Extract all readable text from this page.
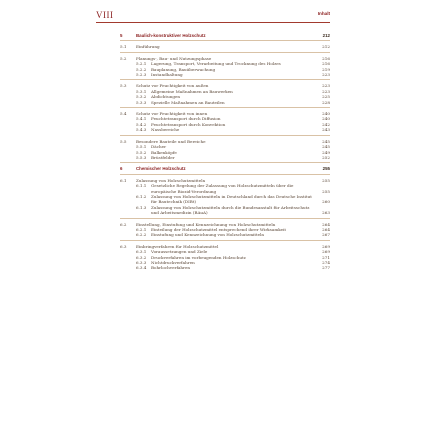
VIII	Inhalt
5	Baulich-konstruktiver Holzschutz	212
5.1 Einführung	212
5.2 Planungs-, Bau- und Nutzungsphase	216
5.2.1 Lagerung, Transport, Verarbeitung und Trocknung des Holzes	216
5.2.2 Bauplanung, Bauüberwachung	219
5.2.3 Instandhaltung	223
5.3 Schutz vor Feuchtigkeit von außen	223
5.3.1 Allgemeine Maßnahmen an Bauwerken	223
5.3.2 Abdichtungen	225
5.3.3 Spezielle Maßnahmen an Bauteilen	228
5.4 Schutz vor Feuchtigkeit von innen	240
5.4.1 Feuchtetransport durch Diffusion	240
5.4.2 Feuchtetransport durch Konvektion	242
5.4.3 Nassbereiche	243
5.5 Besondere Bauteile und Bereiche	245
5.5.1 Dächer	245
5.5.2 Balkenköpfe	249
5.5.3 Brüstfelder	252
6	Chemischer Holzschutz	255
6.1 Zulassung von Holzschutzmitteln	255
6.1.1 Gesetzliche Regelung der Zulassung von Holzschutzmitteln über die europäische Biozid-Verordnung	255
6.1.2 Zulassung von Holzschutzmitteln in Deutschland durch das Deutsche Institut für Bautechnik (DIBt)	260
6.1.3 Zulassung von Holzschutzmitteln durch die Bundesanstalt für Arbeitsschutz und Arbeitsmedizin (BAuA)	263
6.2 Einstellung, Einstufung und Kennzeichnung von Holzschutzmitteln	264
6.2.1 Einteilung der Holzschutzmittel entsprechend ihrer Wirksamkeit	264
6.2.2 Einstufung und Kennzeichnung von Holzschutzmitteln	267
6.3 Einbringverfahren für Holzschutzmittel	269
6.3.1 Voraussetzungen und Ziele	269
6.3.2 Druckverfahren im vorbeugenden Holzschutz	271
6.3.3 Nichtdruckverfahren	274
6.3.4 Bohrlochverfahren	277
